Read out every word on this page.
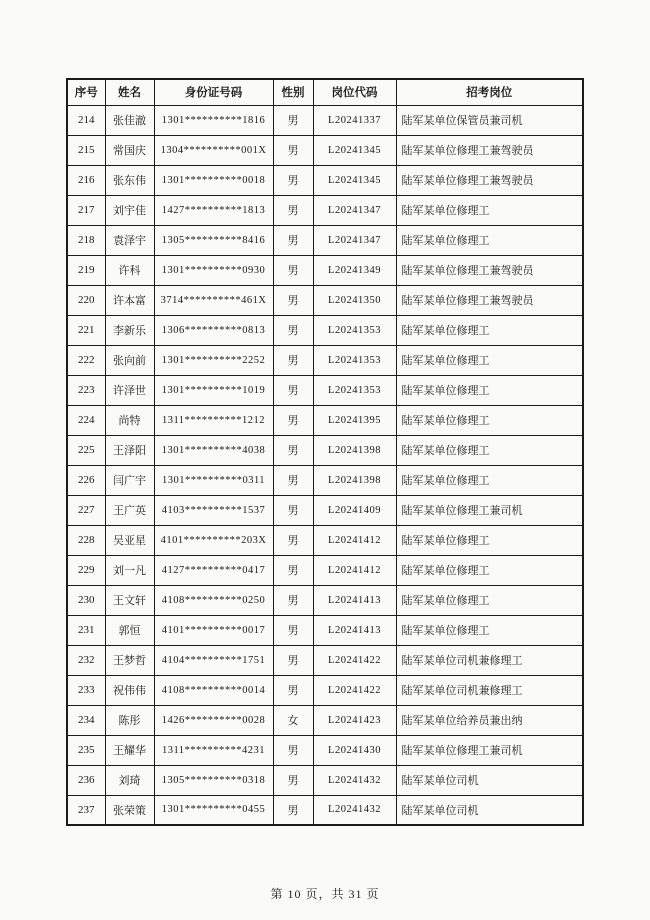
序号	姓名	身份证号码	性别	岗位代码	招考岗位
214	张佳澈	1301**********1816	男	L20241337	陆军某单位保管员兼司机
215	常国庆	1304**********001X	男	L20241345	陆军某单位修理工兼驾驶员
216	张东伟	1301**********0018	男	L20241345	陆军某单位修理工兼驾驶员
217	刘宇佳	1427**********1813	男	L20241347	陆军某单位修理工
218	袁泽宇	1305**********8416	男	L20241347	陆军某单位修理工
219	许科	1301**********0930	男	L20241349	陆军某单位修理工兼驾驶员
220	许本富	3714**********461X	男	L20241350	陆军某单位修理工兼驾驶员
221	李新乐	1306**********0813	男	L20241353	陆军某单位修理工
222	张向前	1301**********2252	男	L20241353	陆军某单位修理工
223	许泽世	1301**********1019	男	L20241353	陆军某单位修理工
224	尚特	1311**********1212	男	L20241395	陆军某单位修理工
225	王泽阳	1301**********4038	男	L20241398	陆军某单位修理工
226	闫广宇	1301**********0311	男	L20241398	陆军某单位修理工
227	王广英	4103**********1537	男	L20241409	陆军某单位修理工兼司机
228	吴亚星	4101**********203X	男	L20241412	陆军某单位修理工
229	刘一凡	4127**********0417	男	L20241412	陆军某单位修理工
230	王文轩	4108**********0250	男	L20241413	陆军某单位修理工
231	郭恒	4101**********0017	男	L20241413	陆军某单位修理工
232	王梦哲	4104**********1751	男	L20241422	陆军某单位司机兼修理工
233	祝伟伟	4108**********0014	男	L20241422	陆军某单位司机兼修理工
234	陈彤	1426**********0028	女	L20241423	陆军某单位给养员兼出纳
235	王耀华	1311**********4231	男	L20241430	陆军某单位修理工兼司机
236	刘琦	1305**********0318	男	L20241432	陆军某单位司机
237	张荣策	1301**********0455	男	L20241432	陆军某单位司机
第 10 页，共 31 页
